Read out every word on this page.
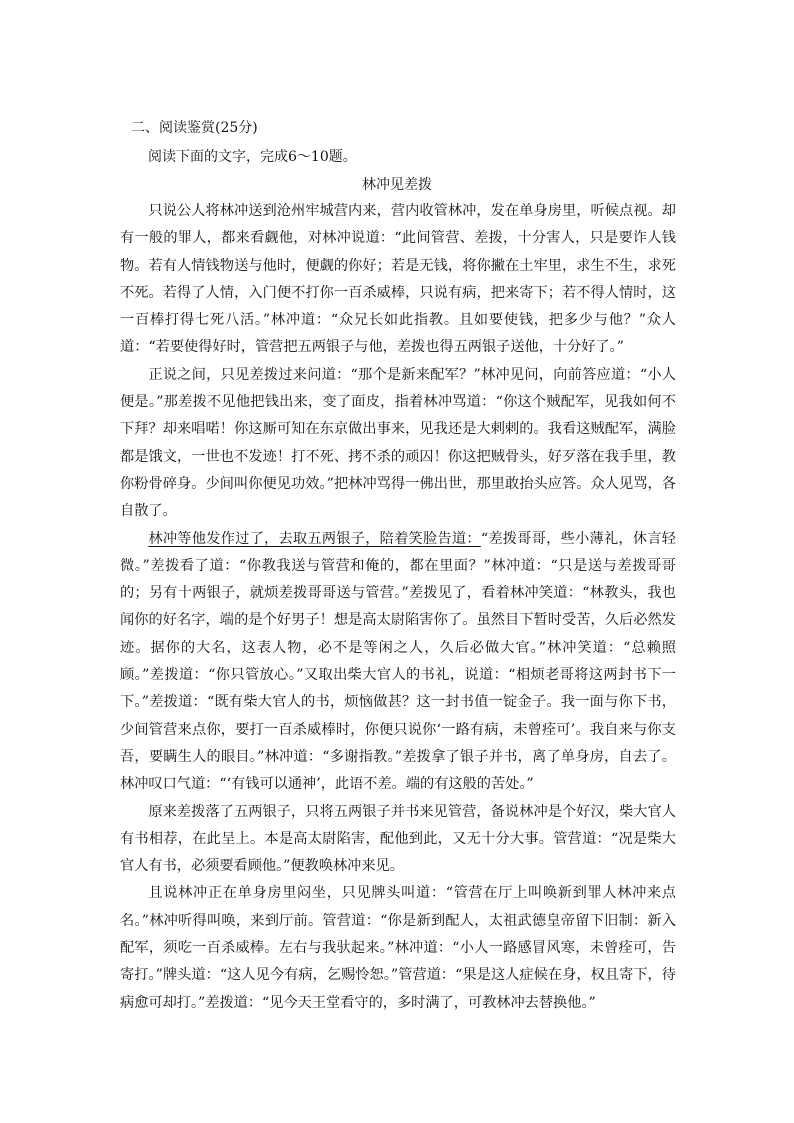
二、阅读鉴赏(25分)
阅读下面的文字，完成6～10题。
林冲见差拨

只说公人将林冲送到沧州牢城营内来，营内收管林冲，发在单身房里，听候点视。却有一般的罪人，都来看觑他，对林冲说道：“此间管营、差拨，十分害人，只是要诈人钱物。若有人情钱物送与他时，便觑的你好；若是无钱，将你撇在土牢里，求生不生，求死不死。若得了人情，入门便不打你一百杀威棒，只说有病，把来寄下；若不得人情时，这一百棒打得七死八活。”林冲道：“众兄长如此指教。且如要使钱，把多少与他？”众人道：“若要使得好时，管营把五两银子与他，差拨也得五两银子送他，十分好了。”

正说之间，只见差拨过来问道：“那个是新来配军？”林冲见问，向前答应道：“小人便是。”那差拨不见他把钱出来，变了面皮，指着林冲骂道：“你这个贼配军，见我如何不下拜？却来唱喏！你这厮可知在东京做出事来，见我还是大剌剌的。我看这贼配军，满脸都是饿文，一世也不发迹！打不死、拷不杀的顽囚！你这把贼骨头，好歹落在我手里，教你粉骨碎身。少间叫你便见功效。”把林冲骂得一佛出世，那里敢抬头应答。众人见骂，各自散了。

林冲等他发作过了，去取五两银子，陪着笑脸告道：“差拨哥哥，些小薄礼，休言轻微。”差拨看了道：“你教我送与管营和俺的，都在里面？”林冲道：“只是送与差拨哥哥的；另有十两银子，就烦差拨哥哥送与管营。”差拨见了，看着林冲笑道：“林教头，我也闻你的好名字，端的是个好男子！想是高太尉陷害你了。虽然目下暂时受苦，久后必然发迹。据你的大名，这表人物，必不是等闲之人，久后必做大官。”林冲笑道：“总赖照顾。”差拨道：“你只管放心。”又取出柴大官人的书礼，说道：“相烦老哥将这两封书下一下。”差拨道：“既有柴大官人的书，烦恼做甚？这一封书值一锭金子。我一面与你下书，少间管营来点你，要打一百杀威棒时，你便只说你‘一路有病，未曾痊可’。我自来与你支吾，要瞒生人的眼目。”林冲道：“多谢指教。”差拨拿了银子并书，离了单身房，自去了。林冲叹口气道：“‘有钱可以通神’，此语不差。端的有这般的苦处。”

原来差拨落了五两银子，只将五两银子并书来见管营，备说林冲是个好汉，柴大官人有书相荐，在此呈上。本是高太尉陷害，配他到此，又无十分大事。管营道：“况是柴大官人有书，必须要看顾他。”便教唤林冲来见。

且说林冲正在单身房里闷坐，只见牌头叫道：“管营在厅上叫唤新到罪人林冲来点名。”林冲听得叫唤，来到厅前。管营道：“你是新到配人，太祖武德皇帝留下旧制：新入配军，须吃一百杀威棒。左右与我驮起来。”林冲道：“小人一路感冒风寒，未曾痊可，告寄打。”牌头道：“这人见今有病，乞赐怜恕。”管营道：“果是这人症候在身，权且寄下，待病愈可却打。”差拨道：“见今天王堂看守的，多时满了，可教林冲去替换他。”
